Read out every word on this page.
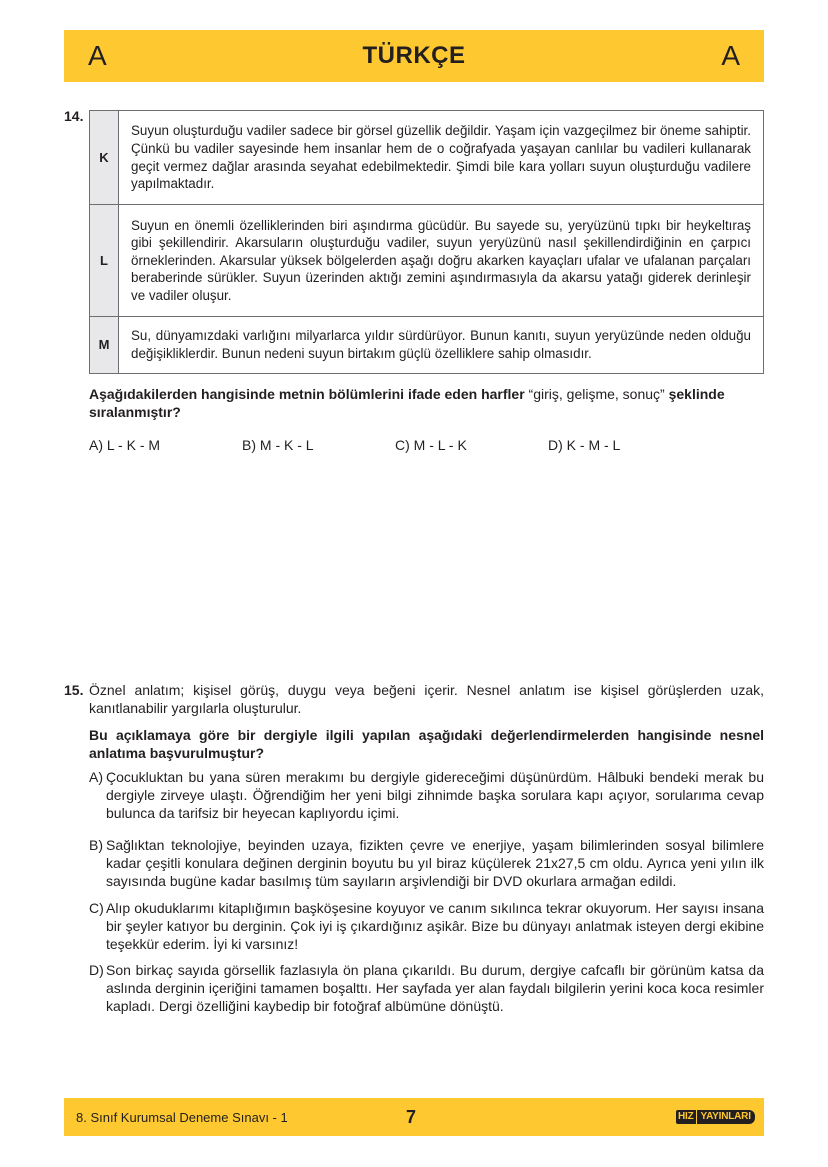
A	TÜRKÇE	A
14.
K	Suyun oluşturduğu vadiler sadece bir görsel güzellik değildir. Yaşam için vazgeçilmez bir öneme sahiptir. Çünkü bu vadiler sayesinde hem insanlar hem de o coğrafyada yaşayan canlılar bu vadileri kullanarak geçit vermez dağlar arasında seyahat edebilmektedir. Şimdi bile kara yolları suyun oluşturduğu vadilere yapılmaktadır.
L	Suyun en önemli özelliklerinden biri aşındırma gücüdür. Bu sayede su, yeryüzünü tıpkı bir heykeltıraş gibi şekillendirir. Akarsuların oluşturduğu vadiler, suyun yeryüzünü nasıl şekillendirdiğinin en çarpıcı örneklerinden. Akarsular yüksek bölgelerden aşağı doğru akarken kayaçları ufalar ve ufalanan parçaları beraberinde sürükler. Suyun üzerinden aktığı zemini aşındırmasıyla da akarsu yatağı giderek derinleşir ve vadiler oluşur.
M	Su, dünyamızdaki varlığını milyarlarca yıldır sürdürüyor. Bunun kanıtı, suyun yeryüzünde neden olduğu değişikliklerdir. Bunun nedeni suyun birtakım güçlü özelliklere sahip olmasıdır.
Aşağıdakilerden hangisinde metnin bölümlerini ifade eden harfler “giriş, gelişme, sonuç” şeklinde sıralanmıştır?
A) L - K - M	B) M - K - L	C) M - L - K	D) K - M - L
15. Öznel anlatım; kişisel görüş, duygu veya beğeni içerir. Nesnel anlatım ise kişisel görüşlerden uzak, kanıtlanabilir yargılarla oluşturulur.
Bu açıklamaya göre bir dergiyle ilgili yapılan aşağıdaki değerlendirmelerden hangisinde nesnel anlatıma başvurulmuştur?
A) Çocukluktan bu yana süren merakımı bu dergiyle gidereceğimi düşünürdüm. Hâlbuki bendeki merak bu dergiyle zirveye ulaştı. Öğrendiğim her yeni bilgi zihnimde başka sorulara kapı açıyor, sorularıma cevap bulunca da tarifsiz bir heyecan kaplıyordu içimi.
B) Sağlıktan teknolojiye, beyinden uzaya, fizikten çevre ve enerjiye, yaşam bilimlerinden sosyal bilimlere kadar çeşitli konulara değinen derginin boyutu bu yıl biraz küçülerek 21x27,5 cm oldu. Ayrıca yeni yılın ilk sayısında bugüne kadar basılmış tüm sayıların arşivlendiği bir DVD okurlara armağan edildi.
C) Alıp okuduklarımı kitaplığımın başköşesine koyuyor ve canım sıkılınca tekrar okuyorum. Her sayısı insana bir şeyler katıyor bu derginin. Çok iyi iş çıkardığınız aşikâr. Bize bu dünyayı anlatmak isteyen dergi ekibine teşekkür ederim. İyi ki varsınız!
D) Son birkaç sayıda görsellik fazlasıyla ön plana çıkarıldı. Bu durum, dergiye cafcaflı bir görünüm katsa da aslında derginin içeriğini tamamen boşalttı. Her sayfada yer alan faydalı bilgilerin yerini koca koca resimler kapladı. Dergi özelliğini kaybedip bir fotoğraf albümüne dönüştü.
8. Sınıf Kurumsal Deneme Sınavı - 1	7	HIZ YAYINLARI
